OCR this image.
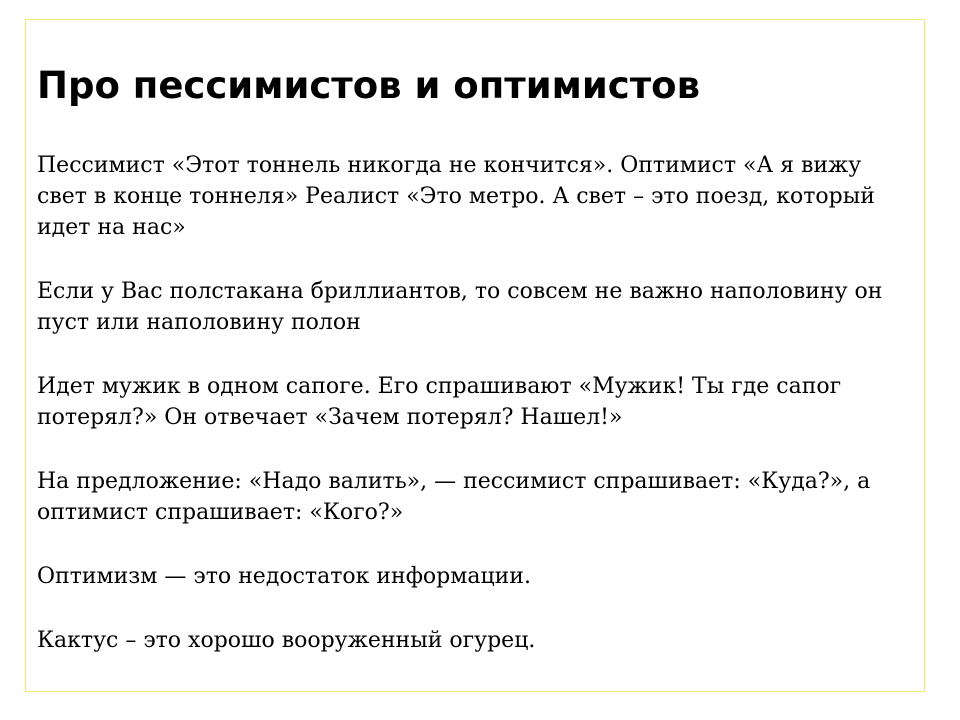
Про пессимистов и оптимистов

Пессимист «Этот тоннель никогда не кончится». Оптимист «А я вижу свет в конце тоннеля» Реалист «Это метро. А свет – это поезд, который идет на нас»

Если у Вас полстакана бриллиантов, то совсем не важно наполовину он пуст или наполовину полон

Идет мужик в одном сапоге. Его спрашивают «Мужик! Ты где сапог потерял?» Он отвечает «Зачем потерял? Нашел!»

На предложение: «Надо валить», — пессимист спрашивает: «Куда?», а оптимист спрашивает: «Кого?»

Оптимизм — это недостаток информации.

Кактус – это хорошо вооруженный огурец.
